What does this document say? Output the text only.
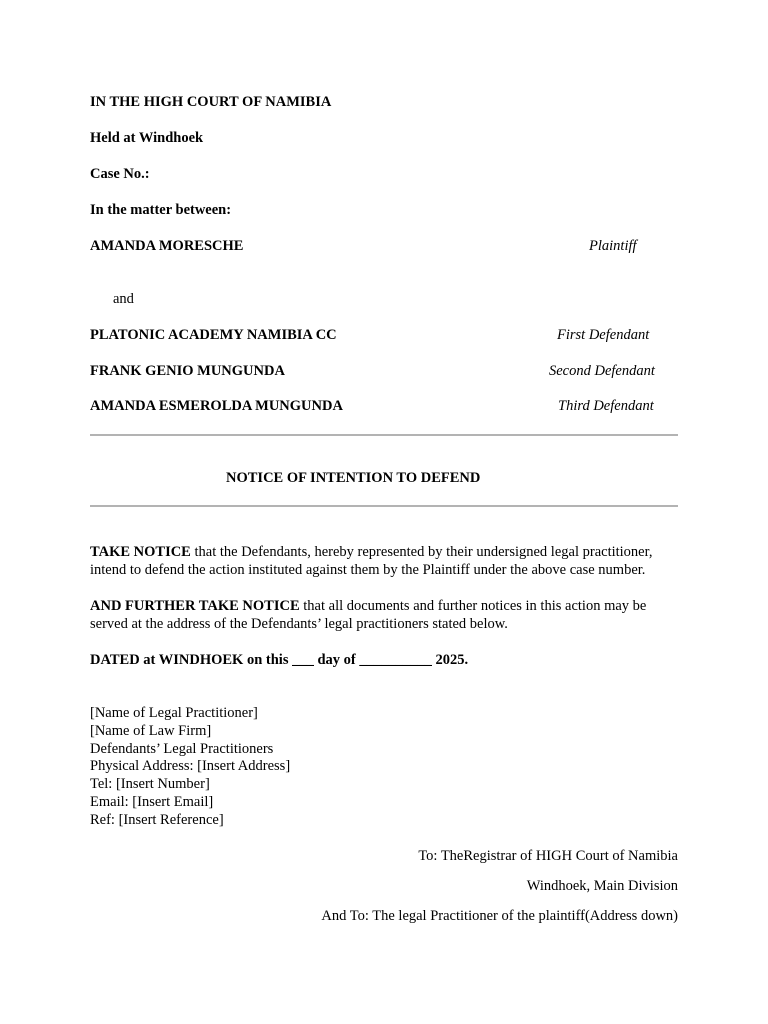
IN THE HIGH COURT OF NAMIBIA
Held at Windhoek
Case No.:
In the matter between:
AMANDA MORESCHE	Plaintiff
and
PLATONIC ACADEMY NAMIBIA CC	First Defendant
FRANK GENIO MUNGUNDA	Second Defendant
AMANDA ESMEROLDA MUNGUNDA	Third Defendant
NOTICE OF INTENTION TO DEFEND
TAKE NOTICE that the Defendants, hereby represented by their undersigned legal practitioner, intend to defend the action instituted against them by the Plaintiff under the above case number.
AND FURTHER TAKE NOTICE that all documents and further notices in this action may be served at the address of the Defendants’ legal practitioners stated below.
DATED at WINDHOEK on this ___ day of __________ 2025.
[Name of Legal Practitioner]
[Name of Law Firm]
Defendants’ Legal Practitioners
Physical Address: [Insert Address]
Tel: [Insert Number]
Email: [Insert Email]
Ref: [Insert Reference]
To: TheRegistrar of HIGH Court of Namibia
Windhoek, Main Division
And To: The legal Practitioner of the plaintiff(Address down)
